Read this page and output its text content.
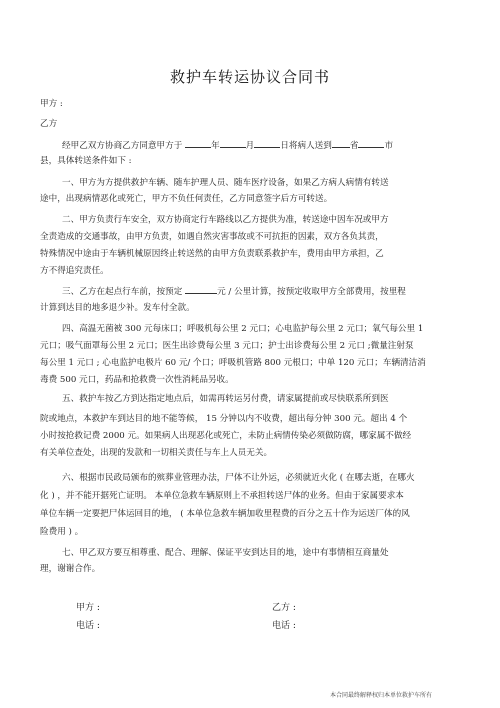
救护车转运协议合同书
甲方 :
乙方
经甲乙双方协商乙方同意甲方于	年	月	日将病人送到 省	市
县，具体转送条件如下 :
一、甲方为方提供救护车辆、随车护理人员、随车医疗设备，如果乙方病人病情有转送
途中，出现病情恶化或死亡，甲方不负任何责任，乙方同意签字后方可转送。
二、甲方负责行车安全，双方协商定行车路线以乙方提供为准，转送途中因车况或甲方
全责造成的交通事故，由甲方负责，如遇自然灾害事故或不可抗拒的因素，双方各负其责，
特殊情况中途由于车辆机械原因终止转送然的由甲方负责联系救护车，费用由甲方承担，乙
方不得追究责任。
三、乙方在起点行车前，按预定	元 / 公里计算，按预定收取甲方全部费用，按里程
计算到达目的地多退少补。发车付全款。
四、高温无菌被 300 元每床口；呼吸机每公里 2 元口；心电监护每公里 2 元口；氧气每公里 1
元口；吸气面罩每公里 2 元口；医生出诊费每公里 3 元口；护士出诊费每公里 2 元口 ;微量注射泵
每公里 1 元口 ; 心电监护电极片 60 元/ 个口；呼吸机管路 800 元根口；中单 120 元口；车辆清洁消
毒费 500 元口，药品和抢救费一次性消耗品另收。
五、救护车按乙方到达指定地点后，如需再转运另付费，请家属提前或尽快联系所到医
院或地点，本救护车到达目的地不能等候， 15 分钟以内不收费，超出每分钟 300 元。超出 4 个
小时按抢救记费 2000 元。如果病人出现恶化或死亡，未防止病情传染必须做防腐，哪家属不做经
有关单位查处，出现的发款和一切相关责任与车上人员无关。
六、根据市民政局颁布的殡葬业管理办法，尸体不让外运，必须就近火化 ( 在哪去逝，在哪火
化 ) ，并不能开据死亡证明。 本单位急救车辆原则上不承担转送尸体的业务。但由于家属要求本
单位车辆一定要把尸体运回目的地， ( 本单位急救车辆加收里程费的百分之五十作为运送厂体的风
险费用 ) 。
七、甲乙双方要互相尊重、配合、理解、保证平安到达目的地，途中有事情相互商量处
理，谢谢合作。
甲方 :	乙方 :
电话 :	电话 :
本合同最终解释权归本单位救护车所有
